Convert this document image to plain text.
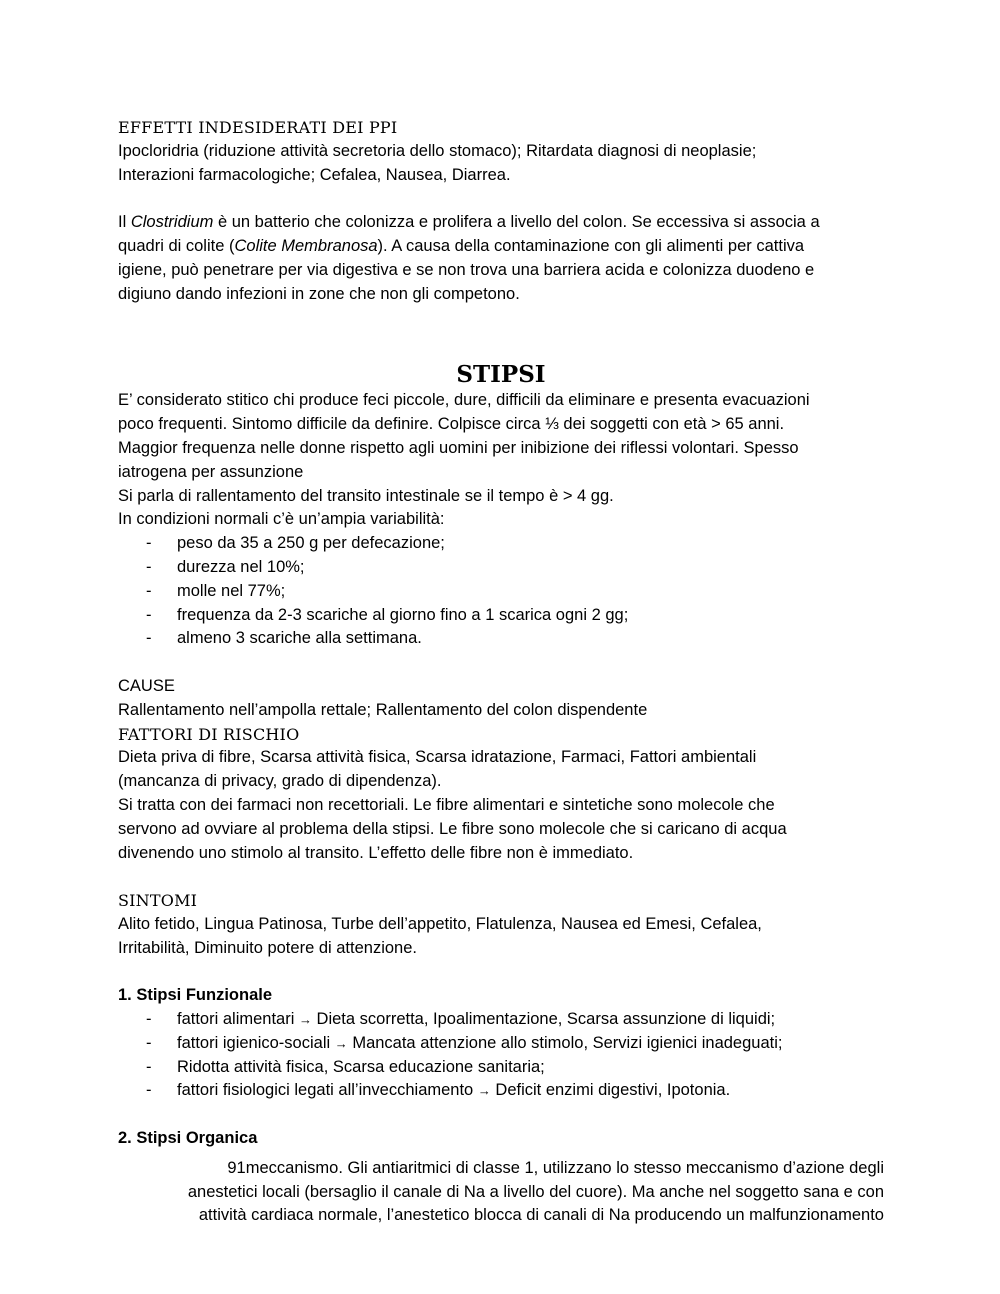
EFFETTI INDESIDERATI DEI PPI

Ipocloridria (riduzione attività secretoria dello stomaco); Ritardata diagnosi di neoplasie;

Interazioni farmacologiche; Cefalea, Nausea, Diarrea.

Il Clostridium è un batterio che colonizza e prolifera a livello del colon. Se eccessiva si associa a

quadri di colite (Colite Membranosa). A causa della contaminazione con gli alimenti per cattiva

igiene, può penetrare per via digestiva e se non trova una barriera acida e colonizza duodeno e

digiuno dando infezioni in zone che non gli competono.

STIPSI

E’ considerato stitico chi produce feci piccole, dure, difficili da eliminare e presenta evacuazioni

poco frequenti. Sintomo difficile da definire. Colpisce circa ⅓ dei soggetti con età > 65 anni.

Maggior frequenza nelle donne rispetto agli uomini per inibizione dei riflessi volontari. Spesso

iatrogena per assunzione

Si parla di rallentamento del transito intestinale se il tempo è > 4 gg.

In condizioni normali c’è un’ampia variabilità:

- peso da 35 a 250 g per defecazione;
- durezza nel 10%;
- molle nel 77%;
- frequenza da 2-3 scariche al giorno fino a 1 scarica ogni 2 gg;
- almeno 3 scariche alla settimana.

CAUSE

Rallentamento nell’ampolla rettale; Rallentamento del colon dispendente

FATTORI DI RISCHIO

Dieta priva di fibre, Scarsa attività fisica, Scarsa idratazione, Farmaci, Fattori ambientali

(mancanza di privacy, grado di dipendenza).

Si tratta con dei farmaci non recettoriali. Le fibre alimentari e sintetiche sono molecole che

servono ad ovviare al problema della stipsi. Le fibre sono molecole che si caricano di acqua

divenendo uno stimolo al transito. L’effetto delle fibre non è immediato.

SINTOMI

Alito fetido, Lingua Patinosa, Turbe dell’appetito, Flatulenza, Nausea ed Emesi, Cefalea,

Irritabilità, Diminuito potere di attenzione.

1. Stipsi Funzionale

- fattori alimentari → Dieta scorretta, Ipoalimentazione, Scarsa assunzione di liquidi;
- fattori igienico-sociali → Mancata attenzione allo stimolo, Servizi igienici inadeguati;
- Ridotta attività fisica, Scarsa educazione sanitaria;
- fattori fisiologici legati all’invecchiamento → Deficit enzimi digestivi, Ipotonia.

2. Stipsi Organica

91meccanismo. Gli antiaritmici di classe 1, utilizzano lo stesso meccanismo d’azione degli

anestetici locali (bersaglio il canale di Na a livello del cuore). Ma anche nel soggetto sana e con

attività cardiaca normale, l’anestetico blocca di canali di Na producendo un malfunzionamento
